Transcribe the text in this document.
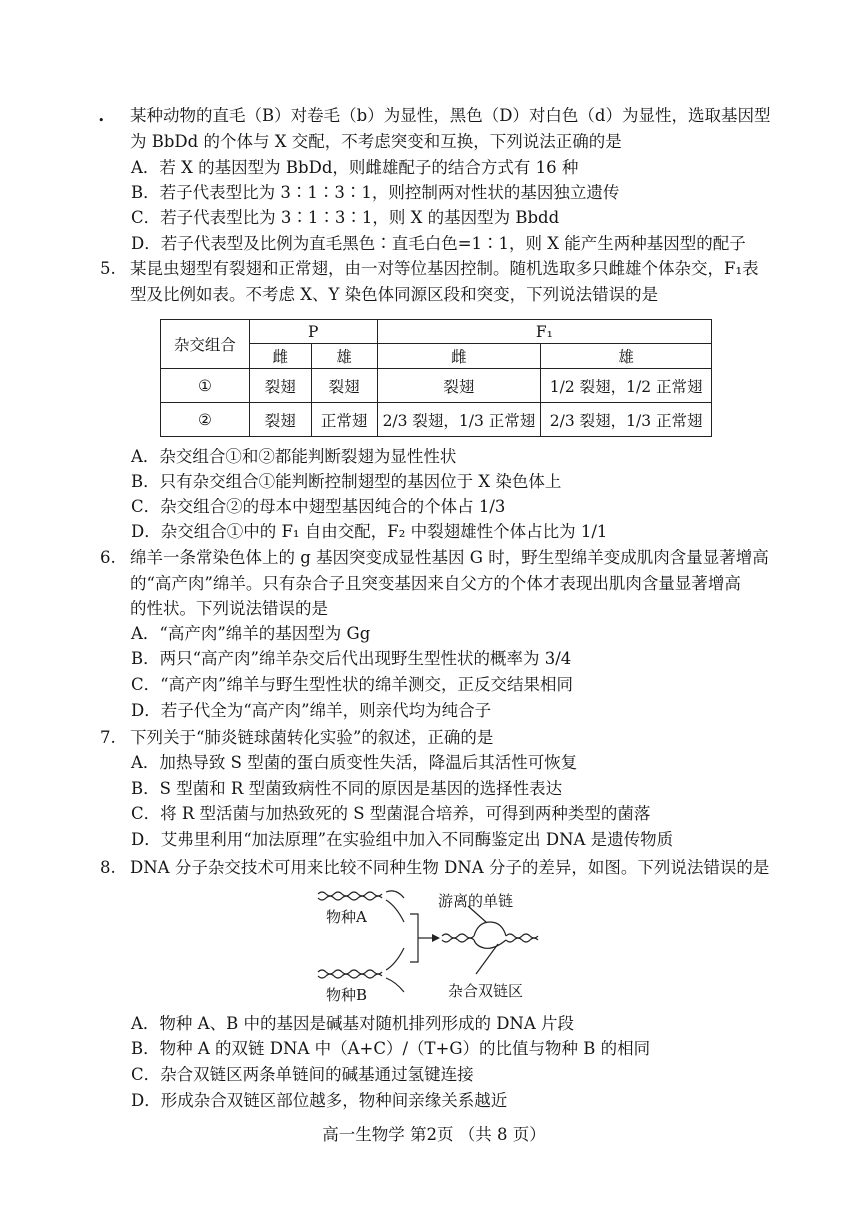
• 某种动物的直毛（B）对卷毛（b）为显性，黑色（D）对白色（d）为显性，选取基因型
为 BbDd 的个体与 X 交配，不考虑突变和互换，下列说法正确的是
A．若 X 的基因型为 BbDd，则雌雄配子的结合方式有 16 种
B．若子代表型比为 3∶1∶3∶1，则控制两对性状的基因独立遗传
C．若子代表型比为 3∶1∶3∶1，则 X 的基因型为 Bbdd
D．若子代表型及比例为直毛黑色∶直毛白色=1∶1，则 X 能产生两种基因型的配子
5. 某昆虫翅型有裂翅和正常翅，由一对等位基因控制。随机选取多只雌雄个体杂交，F₁表
型及比例如表。不考虑 X、Y 染色体同源区段和突变，下列说法错误的是
杂交组合	P		F₁	
	雌	雄	雌	雄
①	裂翅	裂翅	裂翅	1/2 裂翅，1/2 正常翅
②	裂翅	正常翅	2/3 裂翅，1/3 正常翅	2/3 裂翅，1/3 正常翅
A．杂交组合①和②都能判断裂翅为显性性状
B．只有杂交组合①能判断控制翅型的基因位于 X 染色体上
C．杂交组合②的母本中翅型基因纯合的个体占 1/3
D．杂交组合①中的 F₁ 自由交配，F₂ 中裂翅雄性个体占比为 1/1
6. 绵羊一条常染色体上的 g 基因突变成显性基因 G 时，野生型绵羊变成肌肉含量显著增高
的“高产肉”绵羊。只有杂合子且突变基因来自父方的个体才表现出肌肉含量显著增高
的性状。下列说法错误的是
A．“高产肉”绵羊的基因型为 Gg
B．两只“高产肉”绵羊杂交后代出现野生型性状的概率为 3/4
C．“高产肉”绵羊与野生型性状的绵羊测交，正反交结果相同
D．若子代全为“高产肉”绵羊，则亲代均为纯合子
7. 下列关于“肺炎链球菌转化实验”的叙述，正确的是
A．加热导致 S 型菌的蛋白质变性失活，降温后其活性可恢复
B．S 型菌和 R 型菌致病性不同的原因是基因的选择性表达
C．将 R 型活菌与加热致死的 S 型菌混合培养，可得到两种类型的菌落
D．艾弗里利用“加法原理”在实验组中加入不同酶鉴定出 DNA 是遗传物质
8. DNA 分子杂交技术可用来比较不同种生物 DNA 分子的差异，如图。下列说法错误的是
物种A
物种B
游离的单链
杂合双链区
A．物种 A、B 中的基因是碱基对随机排列形成的 DNA 片段
B．物种 A 的双链 DNA 中（A+C）/（T+G）的比值与物种 B 的相同
C．杂合双链区两条单链间的碱基通过氢键连接
D．形成杂合双链区部位越多，物种间亲缘关系越近
高一生物学 第2页 （共 8 页）
